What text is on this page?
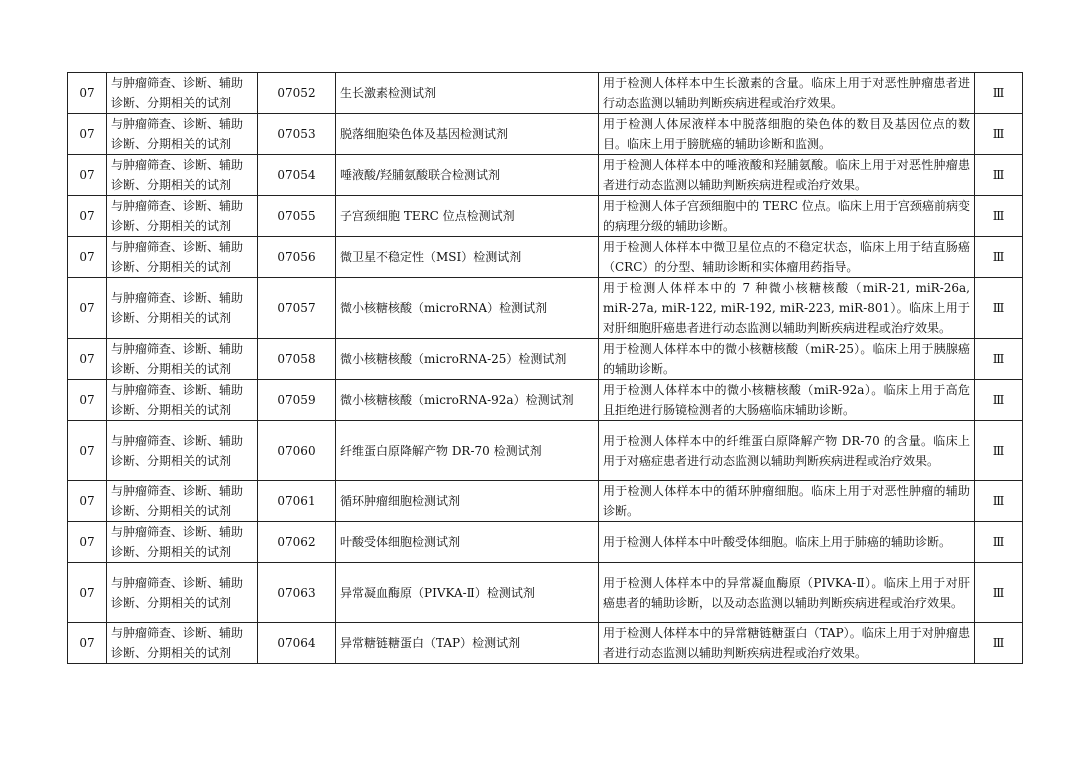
07	与肿瘤筛查、诊断、辅助诊断、分期相关的试剂	07052	生长激素检测试剂	用于检测人体样本中生长激素的含量。临床上用于对恶性肿瘤患者进行动态监测以辅助判断疾病进程或治疗效果。	Ⅲ
07	与肿瘤筛查、诊断、辅助诊断、分期相关的试剂	07053	脱落细胞染色体及基因检测试剂	用于检测人体尿液样本中脱落细胞的染色体的数目及基因位点的数目。临床上用于膀胱癌的辅助诊断和监测。	Ⅲ
07	与肿瘤筛查、诊断、辅助诊断、分期相关的试剂	07054	唾液酸/羟脯氨酸联合检测试剂	用于检测人体样本中的唾液酸和羟脯氨酸。临床上用于对恶性肿瘤患者进行动态监测以辅助判断疾病进程或治疗效果。	Ⅲ
07	与肿瘤筛查、诊断、辅助诊断、分期相关的试剂	07055	子宫颈细胞 TERC 位点检测试剂	用于检测人体子宫颈细胞中的 TERC 位点。临床上用于宫颈癌前病变的病理分级的辅助诊断。	Ⅲ
07	与肿瘤筛查、诊断、辅助诊断、分期相关的试剂	07056	微卫星不稳定性（MSI）检测试剂	用于检测人体样本中微卫星位点的不稳定状态，临床上用于结直肠癌（CRC）的分型、辅助诊断和实体瘤用药指导。	Ⅲ
07	与肿瘤筛查、诊断、辅助诊断、分期相关的试剂	07057	微小核糖核酸（microRNA）检测试剂	用于检测人体样本中的 7 种微小核糖核酸（miR-21, miR-26a, miR-27a, miR-122, miR-192, miR-223, miR-801）。临床上用于对肝细胞肝癌患者进行动态监测以辅助判断疾病进程或治疗效果。	Ⅲ
07	与肿瘤筛查、诊断、辅助诊断、分期相关的试剂	07058	微小核糖核酸（microRNA-25）检测试剂	用于检测人体样本中的微小核糖核酸（miR-25）。临床上用于胰腺癌的辅助诊断。	Ⅲ
07	与肿瘤筛查、诊断、辅助诊断、分期相关的试剂	07059	微小核糖核酸（microRNA-92a）检测试剂	用于检测人体样本中的微小核糖核酸（miR-92a）。临床上用于高危且拒绝进行肠镜检测者的大肠癌临床辅助诊断。	Ⅲ
07	与肿瘤筛查、诊断、辅助诊断、分期相关的试剂	07060	纤维蛋白原降解产物 DR-70 检测试剂	用于检测人体样本中的纤维蛋白原降解产物 DR-70 的含量。临床上用于对癌症患者进行动态监测以辅助判断疾病进程或治疗效果。	Ⅲ
07	与肿瘤筛查、诊断、辅助诊断、分期相关的试剂	07061	循环肿瘤细胞检测试剂	用于检测人体样本中的循环肿瘤细胞。临床上用于对恶性肿瘤的辅助诊断。	Ⅲ
07	与肿瘤筛查、诊断、辅助诊断、分期相关的试剂	07062	叶酸受体细胞检测试剂	用于检测人体样本中叶酸受体细胞。临床上用于肺癌的辅助诊断。	Ⅲ
07	与肿瘤筛查、诊断、辅助诊断、分期相关的试剂	07063	异常凝血酶原（PIVKA-Ⅱ）检测试剂	用于检测人体样本中的异常凝血酶原（PIVKA-Ⅱ）。临床上用于对肝癌患者的辅助诊断，以及动态监测以辅助判断疾病进程或治疗效果。	Ⅲ
07	与肿瘤筛查、诊断、辅助诊断、分期相关的试剂	07064	异常糖链糖蛋白（TAP）检测试剂	用于检测人体样本中的异常糖链糖蛋白（TAP）。临床上用于对肿瘤患者进行动态监测以辅助判断疾病进程或治疗效果。	Ⅲ
